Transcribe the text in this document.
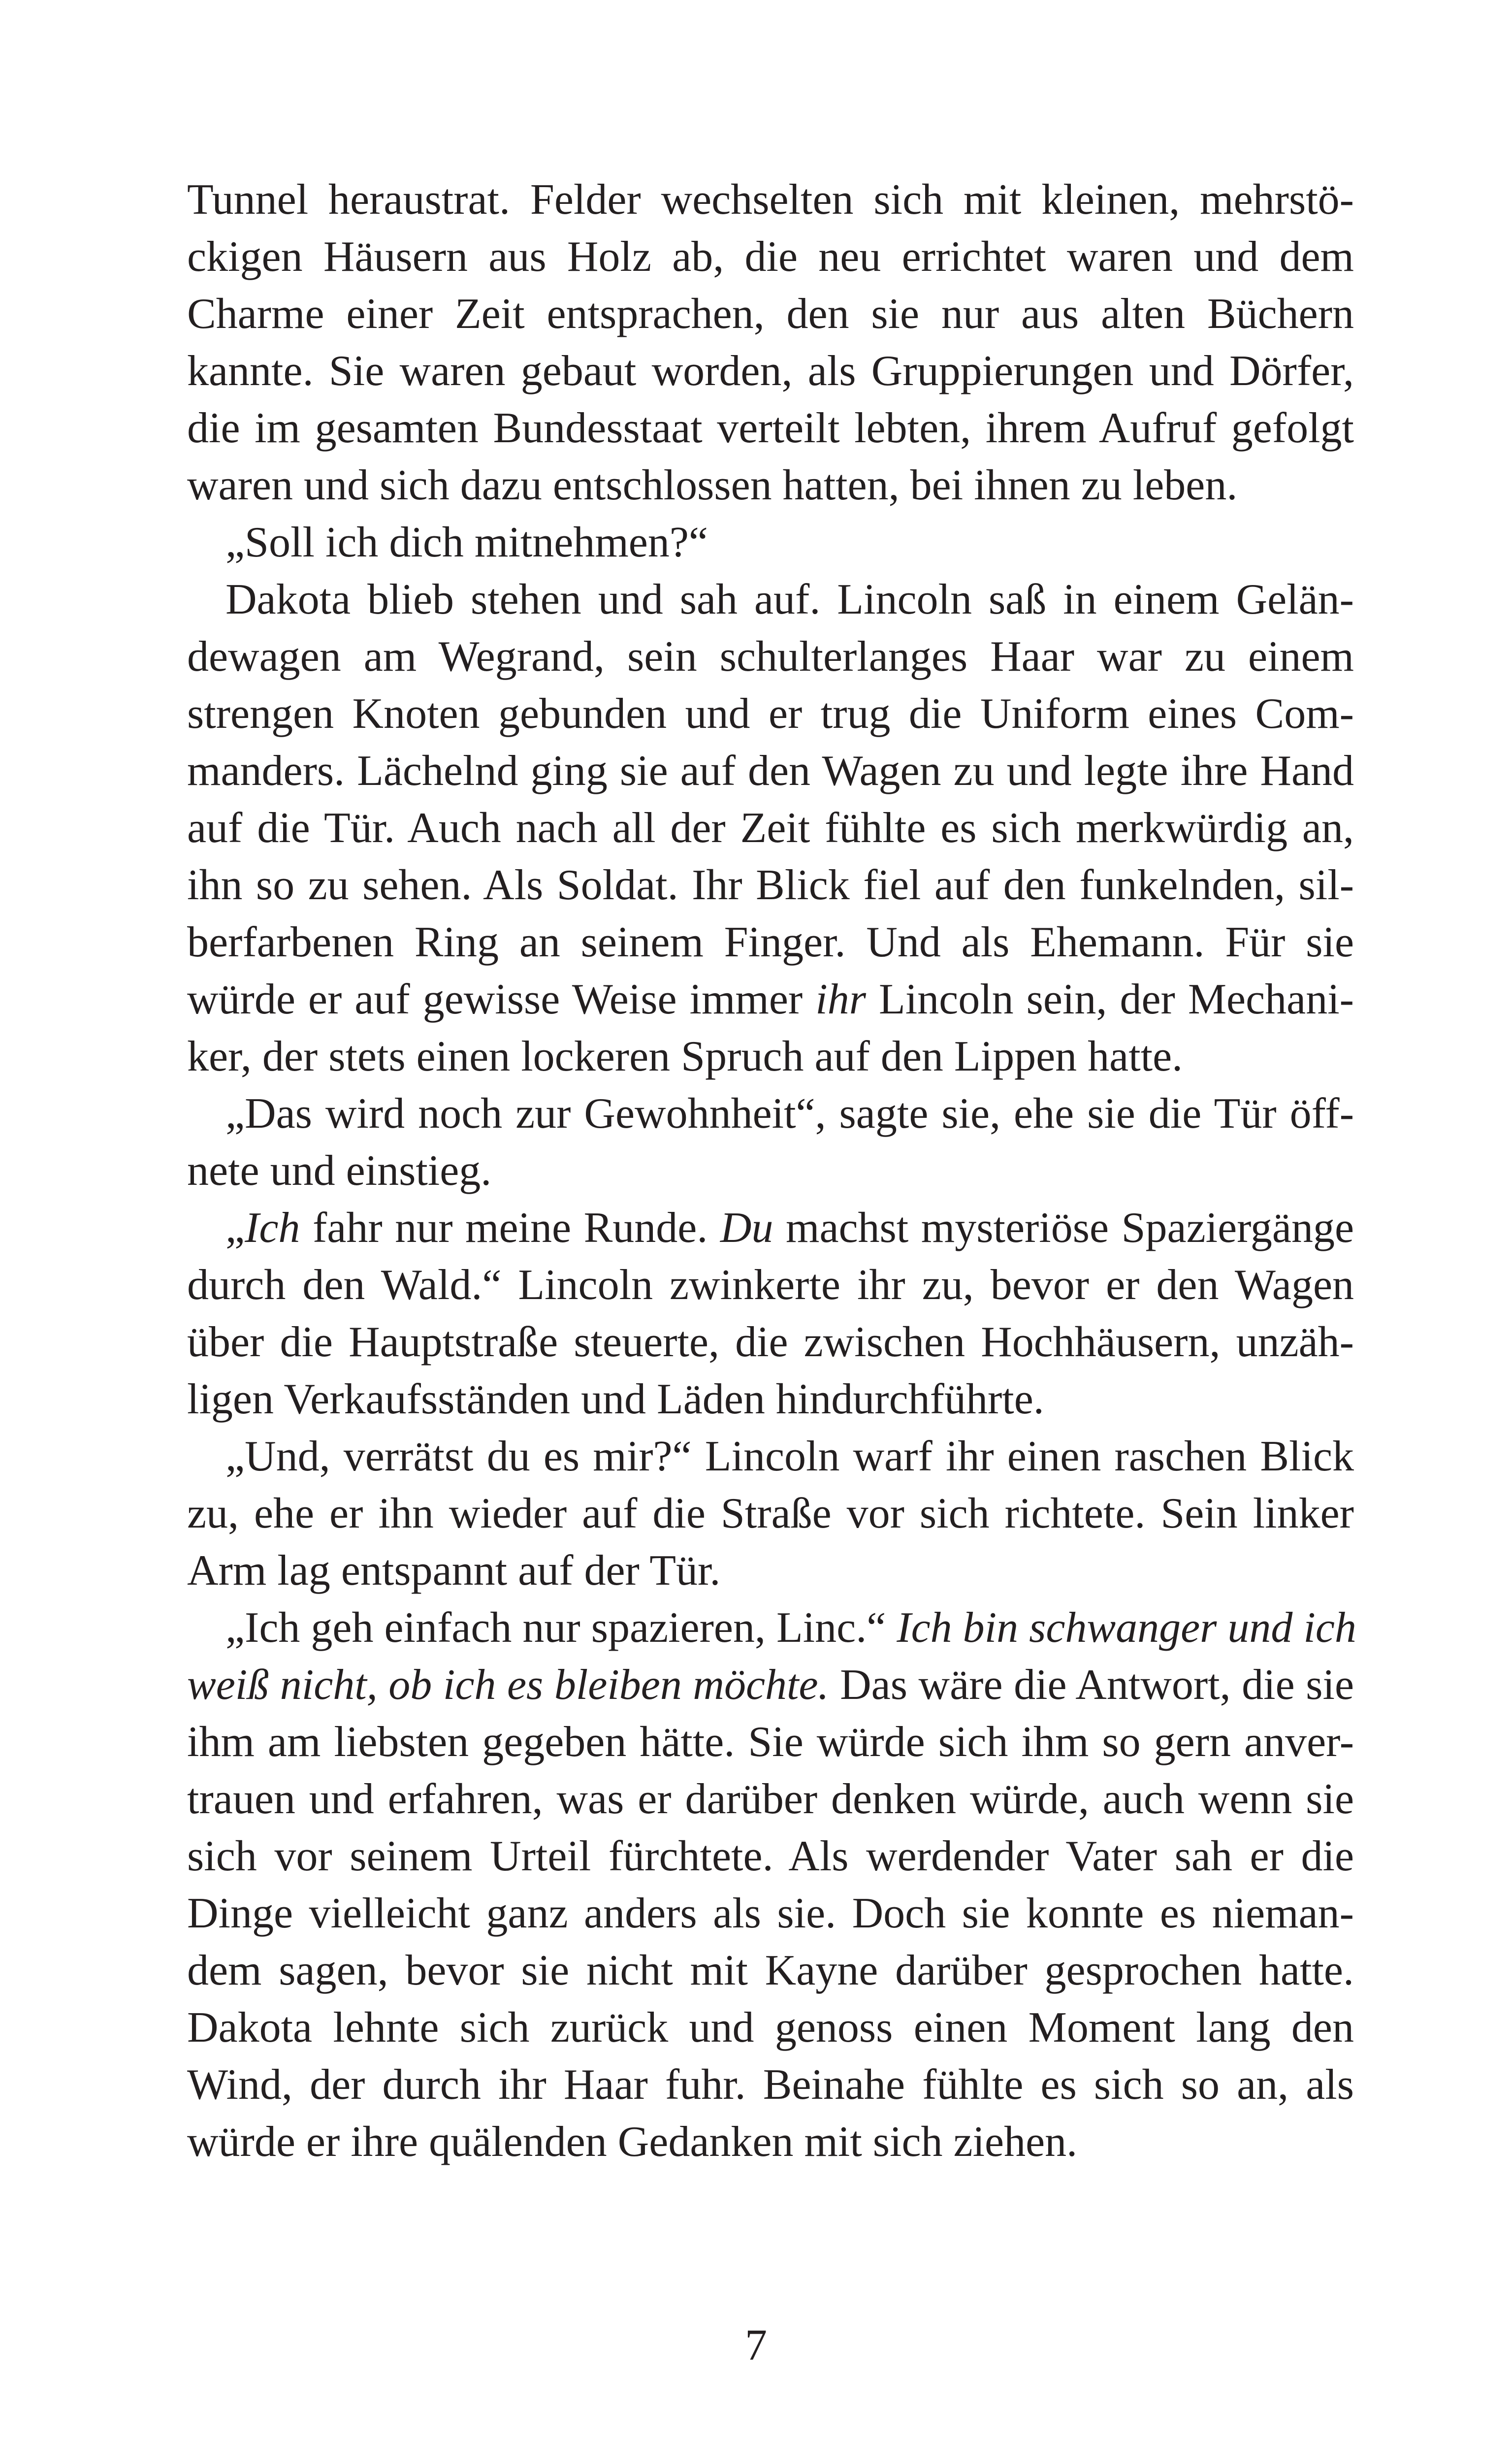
Tunnel heraustrat. Felder wechselten sich mit kleinen, mehrstö-
ckigen Häusern aus Holz ab, die neu errichtet waren und dem
Charme einer Zeit entsprachen, den sie nur aus alten Büchern
kannte. Sie waren gebaut worden, als Gruppierungen und Dörfer,
die im gesamten Bundesstaat verteilt lebten, ihrem Aufruf gefolgt
waren und sich dazu entschlossen hatten, bei ihnen zu leben.
„Soll ich dich mitnehmen?“
Dakota blieb stehen und sah auf. Lincoln saß in einem Gelän-
dewagen am Wegrand, sein schulterlanges Haar war zu einem
strengen Knoten gebunden und er trug die Uniform eines Com-
manders. Lächelnd ging sie auf den Wagen zu und legte ihre Hand
auf die Tür. Auch nach all der Zeit fühlte es sich merkwürdig an,
ihn so zu sehen. Als Soldat. Ihr Blick fiel auf den funkelnden, sil-
berfarbenen Ring an seinem Finger. Und als Ehemann. Für sie
würde er auf gewisse Weise immer ihr Lincoln sein, der Mechani-
ker, der stets einen lockeren Spruch auf den Lippen hatte.
„Das wird noch zur Gewohnheit“, sagte sie, ehe sie die Tür öff-
nete und einstieg.
„Ich fahr nur meine Runde. Du machst mysteriöse Spaziergänge
durch den Wald.“ Lincoln zwinkerte ihr zu, bevor er den Wagen
über die Hauptstraße steuerte, die zwischen Hochhäusern, unzäh-
ligen Verkaufsständen und Läden hindurchführte.
„Und, verrätst du es mir?“ Lincoln warf ihr einen raschen Blick
zu, ehe er ihn wieder auf die Straße vor sich richtete. Sein linker
Arm lag entspannt auf der Tür.
„Ich geh einfach nur spazieren, Linc.“ Ich bin schwanger und ich
weiß nicht, ob ich es bleiben möchte. Das wäre die Antwort, die sie
ihm am liebsten gegeben hätte. Sie würde sich ihm so gern anver-
trauen und erfahren, was er darüber denken würde, auch wenn sie
sich vor seinem Urteil fürchtete. Als werdender Vater sah er die
Dinge vielleicht ganz anders als sie. Doch sie konnte es nieman-
dem sagen, bevor sie nicht mit Kayne darüber gesprochen hatte.
Dakota lehnte sich zurück und genoss einen Moment lang den
Wind, der durch ihr Haar fuhr. Beinahe fühlte es sich so an, als
würde er ihre quälenden Gedanken mit sich ziehen.
7
